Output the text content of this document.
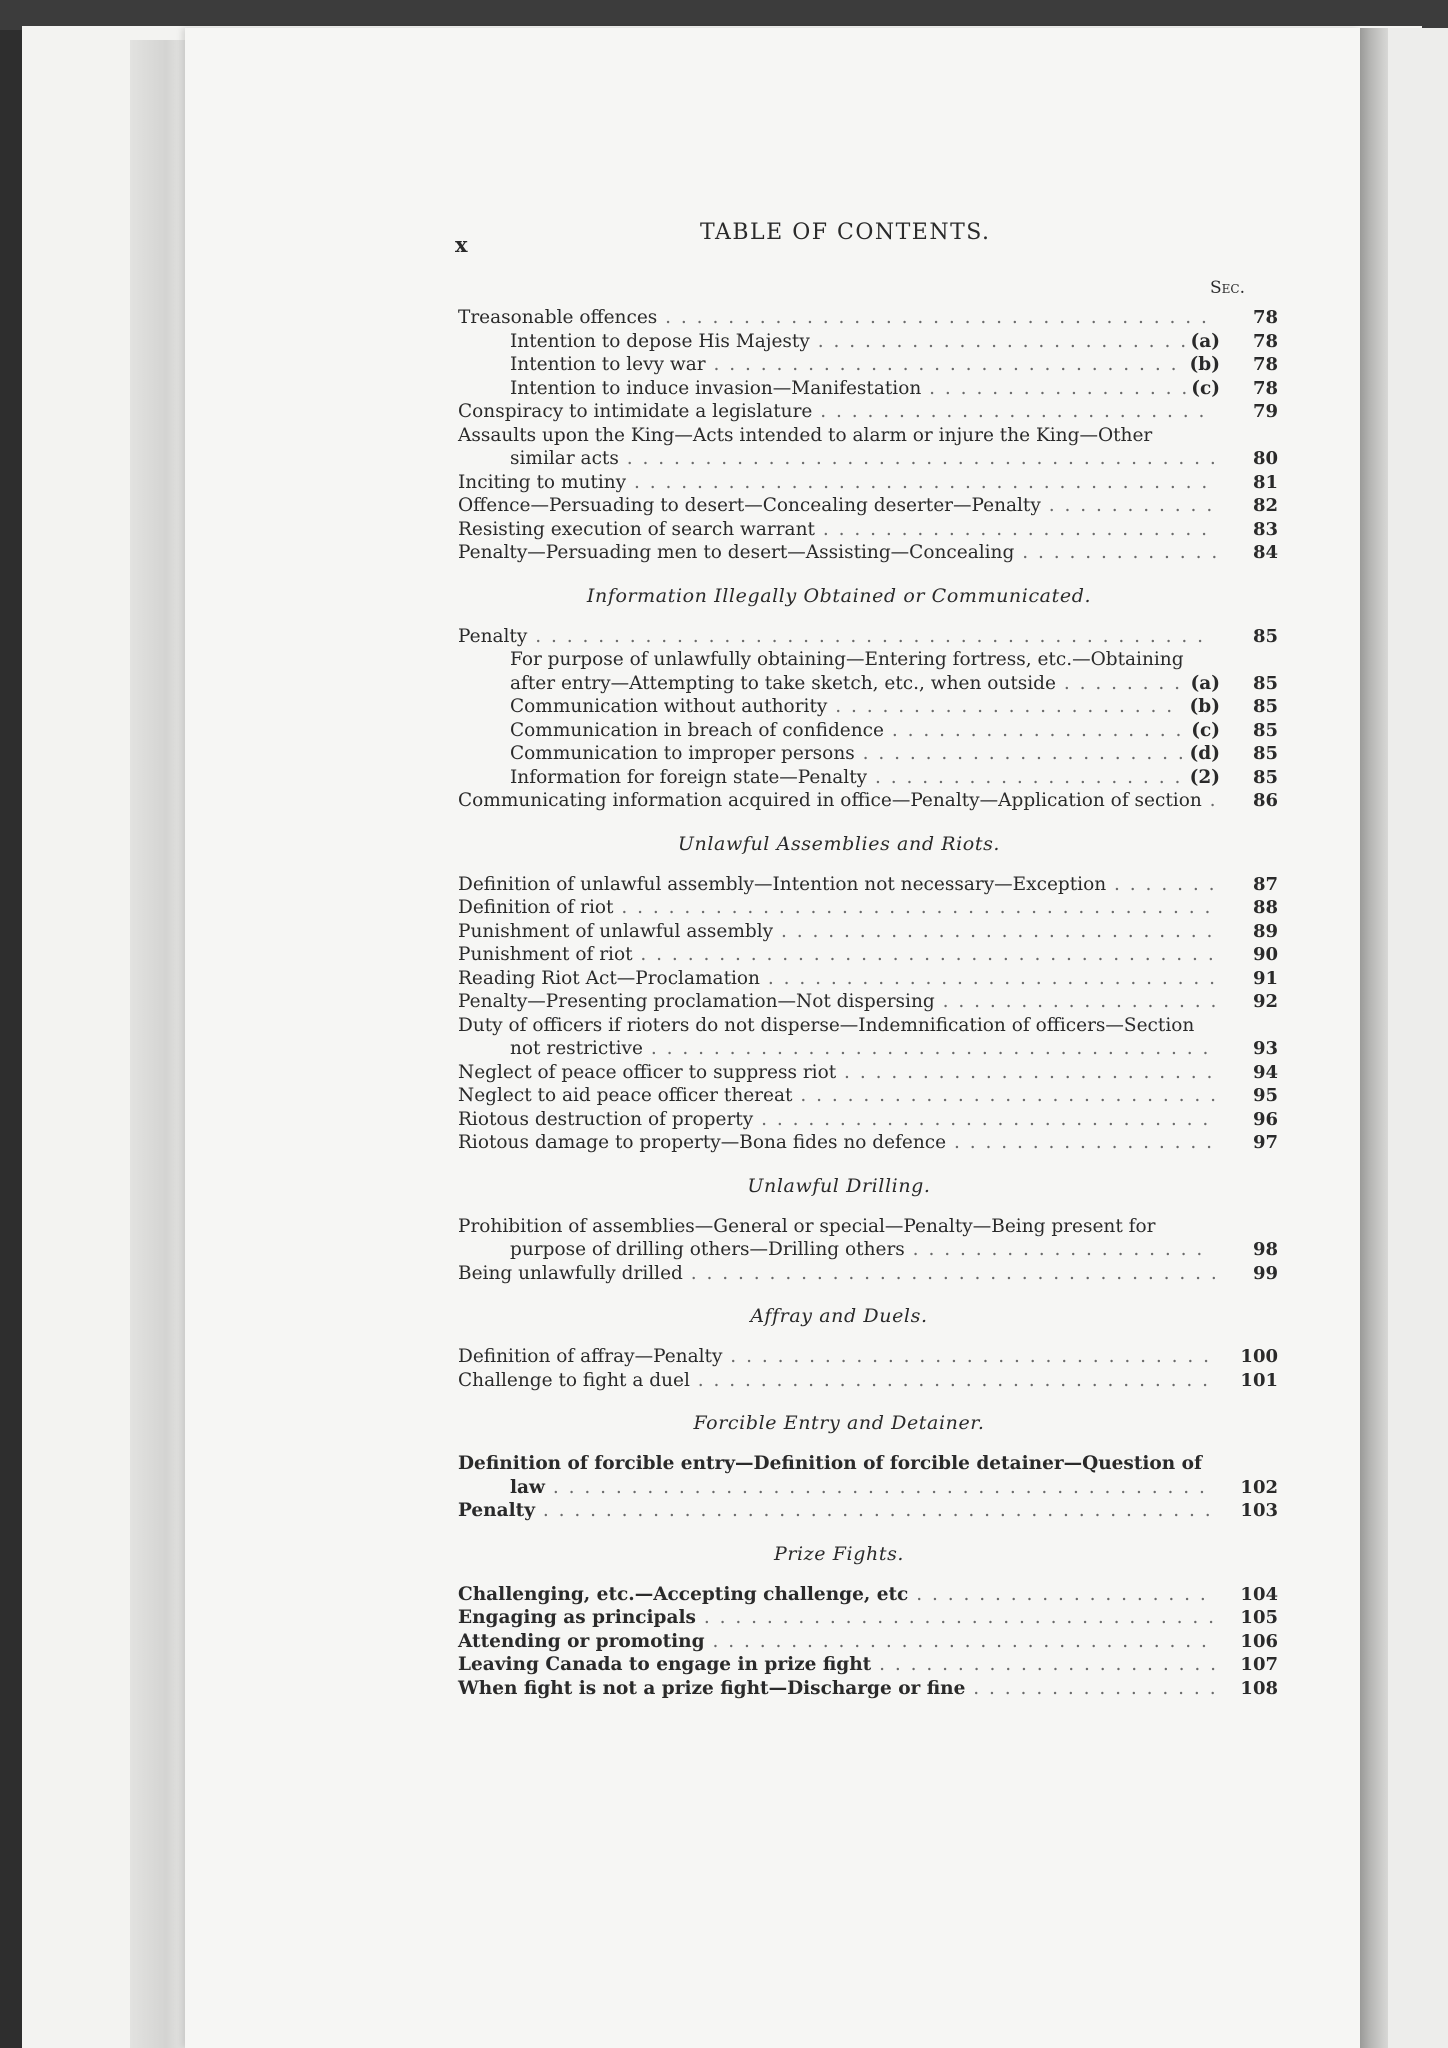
x	TABLE OF CONTENTS.
Sec.
Treasonable offences . . . . . . . . . . . . . . . . . . . . . . . . . . . . . . . . . . .	78
Intention to depose His Majesty . . . . . . . . . . . . . . . . . . . . . . . . (a)	78
Intention to levy war . . . . . . . . . . . . . . . . . . . . . . . . . . . . . . (b)	78
Intention to induce invasion—Manifestation . . . . . . . . . . . . . . . . . (c)	78
Conspiracy to intimidate a legislature . . . . . . . . . . . . . . . . . . . . . . . . .	79
Assaults upon the King—Acts intended to alarm or injure the King—Other similar acts . . . . . . . . . . . . . . . . . . . . . . . . . . . . . . . . . . . . . .	80
Inciting to mutiny . . . . . . . . . . . . . . . . . . . . . . . . . . . . . . . . . . . . .	81
Offence—Persuading to desert—Concealing deserter—Penalty . . . . . . . . . . .	82
Resisting execution of search warrant . . . . . . . . . . . . . . . . . . . . . . . . .	83
Penalty—Persuading men to desert—Assisting—Concealing . . . . . . . . . . . . .	84
Information Illegally Obtained or Communicated.
Penalty . . . . . . . . . . . . . . . . . . . . . . . . . . . . . . . . . . . . . . . . . . .	85
For purpose of unlawfully obtaining—Entering fortress, etc.—Obtaining after entry—Attempting to take sketch, etc., when outside . . . . . . . . (a)	85
Communication without authority . . . . . . . . . . . . . . . . . . . . . . (b)	85
Communication in breach of confidence . . . . . . . . . . . . . . . . . . . (c)	85
Communication to improper persons . . . . . . . . . . . . . . . . . . . . . (d)	85
Information for foreign state—Penalty . . . . . . . . . . . . . . . . . . . . (2)	85
Communicating information acquired in office—Penalty—Application of section .	86
Unlawful Assemblies and Riots.
Definition of unlawful assembly—Intention not necessary—Exception . . . . . . .	87
Definition of riot . . . . . . . . . . . . . . . . . . . . . . . . . . . . . . . . . . . . . .	88
Punishment of unlawful assembly . . . . . . . . . . . . . . . . . . . . . . . . . . . .	89
Punishment of riot . . . . . . . . . . . . . . . . . . . . . . . . . . . . . . . . . . . . .	90
Reading Riot Act—Proclamation . . . . . . . . . . . . . . . . . . . . . . . . . . . . .	91
Penalty—Presenting proclamation—Not dispersing . . . . . . . . . . . . . . . . . .	92
Duty of officers if rioters do not disperse—Indemnification of officers—Section not restrictive . . . . . . . . . . . . . . . . . . . . . . . . . . . . . . . . . . . .	93
Neglect of peace officer to suppress riot . . . . . . . . . . . . . . . . . . . . . . . .	94
Neglect to aid peace officer thereat . . . . . . . . . . . . . . . . . . . . . . . . . . .	95
Riotous destruction of property . . . . . . . . . . . . . . . . . . . . . . . . . . . . .	96
Riotous damage to property—Bona fides no defence . . . . . . . . . . . . . . . . .	97
Unlawful Drilling.
Prohibition of assemblies—General or special—Penalty—Being present for purpose of drilling others—Drilling others . . . . . . . . . . . . . . . . . . .	98
Being unlawfully drilled . . . . . . . . . . . . . . . . . . . . . . . . . . . . . . . . . .	99
Affray and Duels.
Definition of affray—Penalty . . . . . . . . . . . . . . . . . . . . . . . . . . . . . . .	100
Challenge to fight a duel . . . . . . . . . . . . . . . . . . . . . . . . . . . . . . . . .	101
Forcible Entry and Detainer.
Definition of forcible entry—Definition of forcible detainer—Question of law . . . . . . . . . . . . . . . . . . . . . . . . . . . . . . . . . . . . . . . . . .	102
Penalty . . . . . . . . . . . . . . . . . . . . . . . . . . . . . . . . . . . . . . . . . . .	103
Prize Fights.
Challenging, etc.—Accepting challenge, etc . . . . . . . . . . . . . . . . . . .	104
Engaging as principals . . . . . . . . . . . . . . . . . . . . . . . . . . . . . . . . .	105
Attending or promoting . . . . . . . . . . . . . . . . . . . . . . . . . . . . . . . .	106
Leaving Canada to engage in prize fight . . . . . . . . . . . . . . . . . . . . . .	107
When fight is not a prize fight—Discharge or fine . . . . . . . . . . . . . . . .	108
